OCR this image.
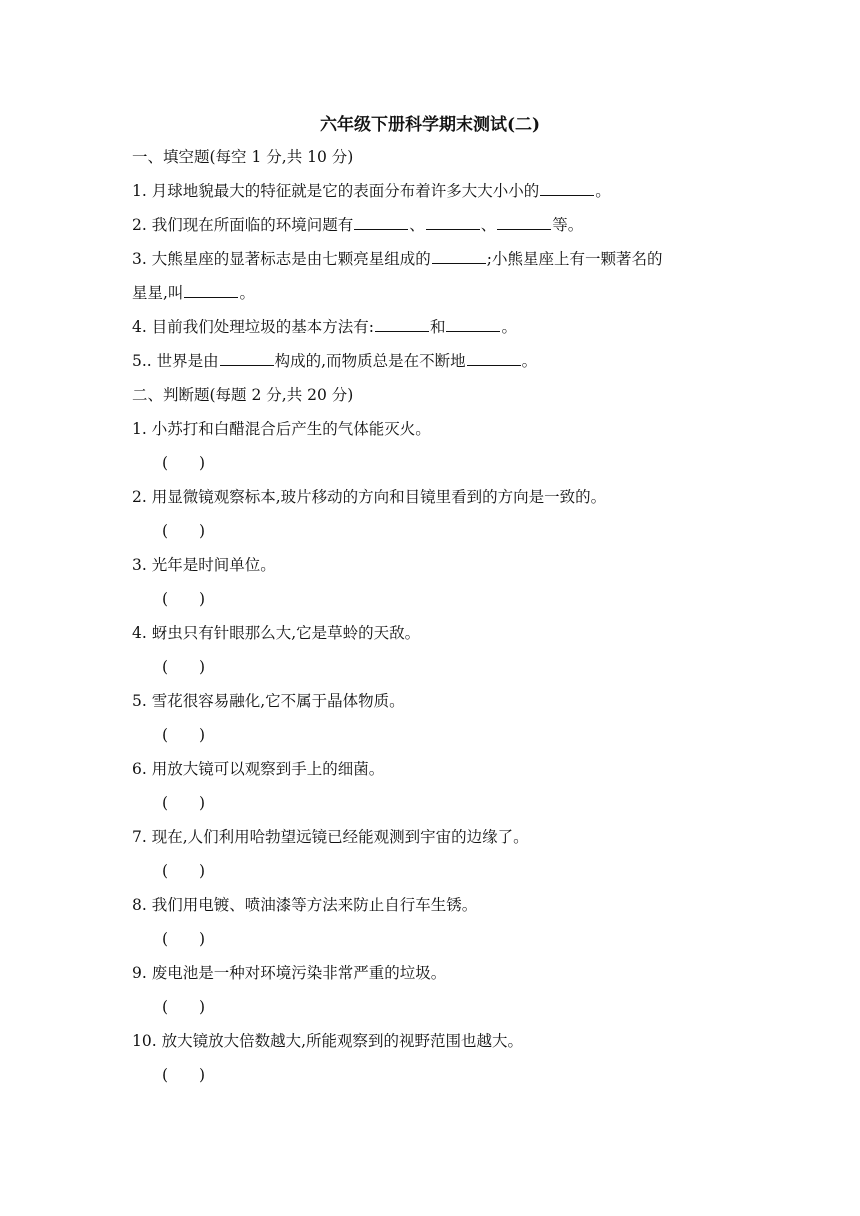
六年级下册科学期末测试(二)
一、填空题(每空 1 分,共 10 分)
1. 月球地貌最大的特征就是它的表面分布着许多大大小小的	。
2. 我们现在所面临的环境问题有	、	、	等。
3. 大熊星座的显著标志是由七颗亮星组成的	;小熊星座上有一颗著名的
星星,叫	。
4. 目前我们处理垃圾的基本方法有:	和	。
5.. 世界是由	构成的,而物质总是在不断地	。
二、判断题(每题 2 分,共 20 分)
1. 小苏打和白醋混合后产生的气体能灭火。
(　　)
2. 用显微镜观察标本,玻片移动的方向和目镜里看到的方向是一致的。
(　　)
3. 光年是时间单位。
(　　)
4. 蚜虫只有针眼那么大,它是草蛉的天敌。
(　　)
5. 雪花很容易融化,它不属于晶体物质。
(　　)
6. 用放大镜可以观察到手上的细菌。
(　　)
7. 现在,人们利用哈勃望远镜已经能观测到宇宙的边缘了。
(　　)
8. 我们用电镀、喷油漆等方法来防止自行车生锈。
(　　)
9. 废电池是一种对环境污染非常严重的垃圾。
(　　)
10. 放大镜放大倍数越大,所能观察到的视野范围也越大。
(　　)
